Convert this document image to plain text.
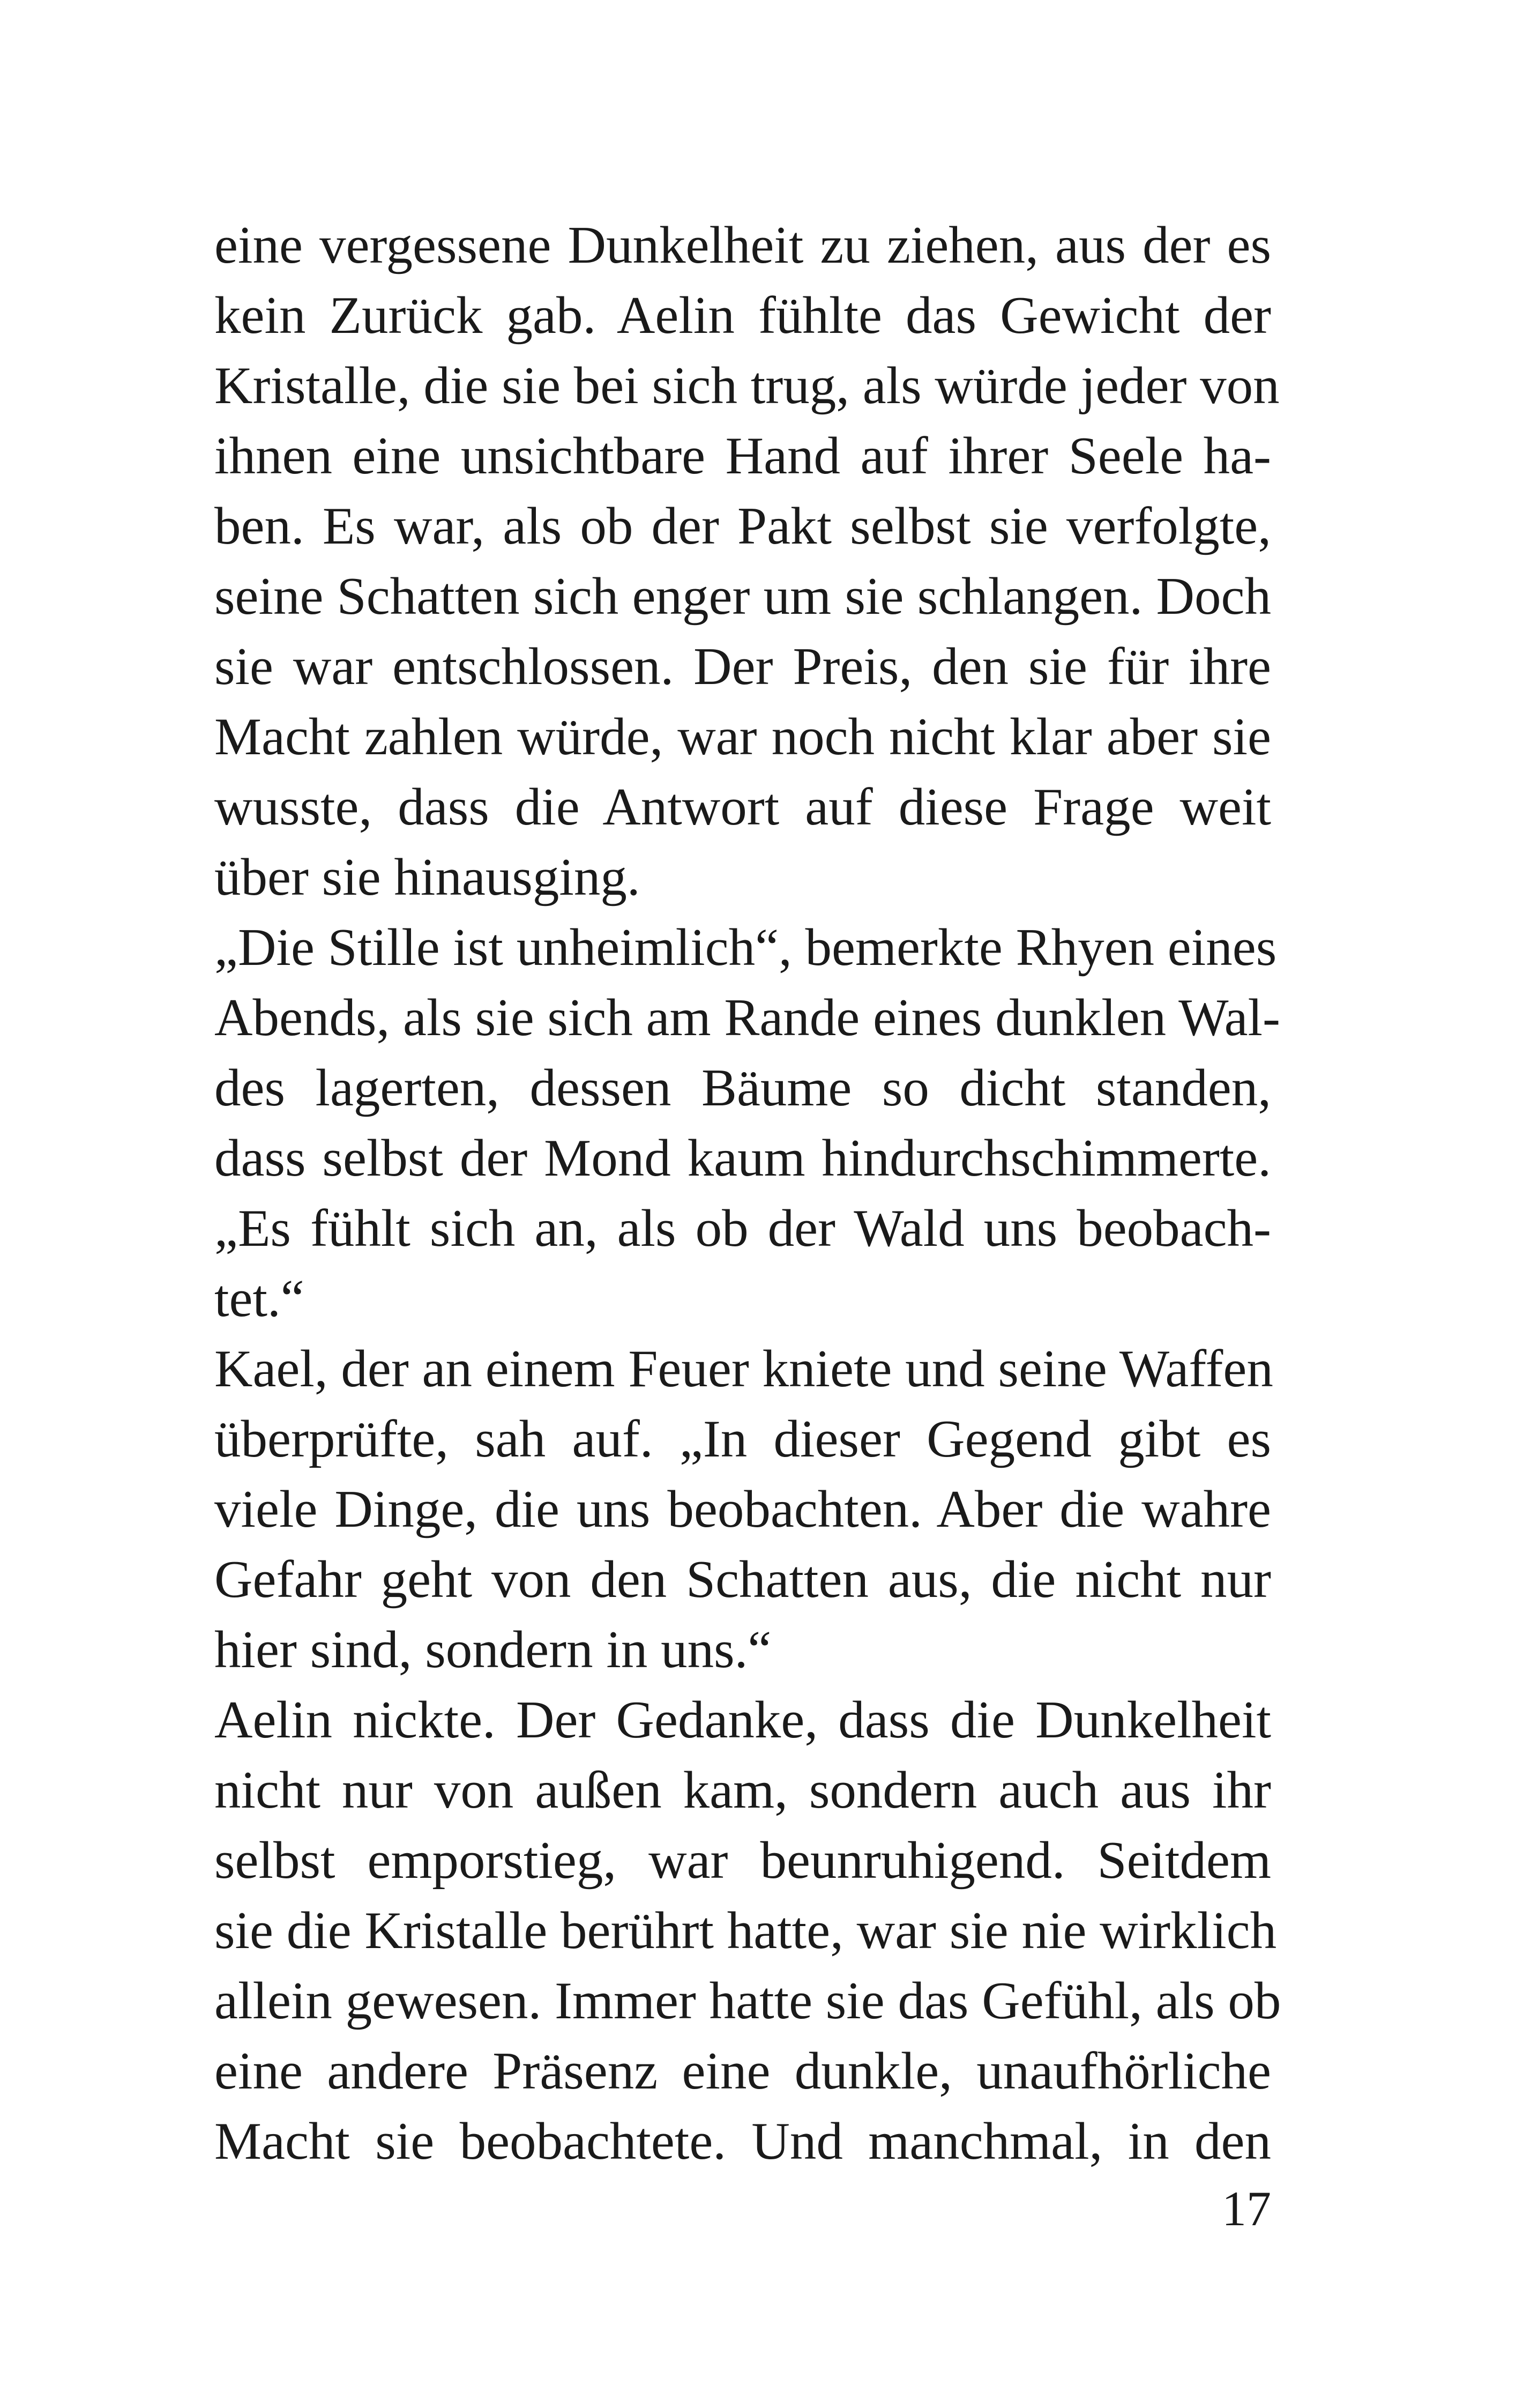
eine vergessene Dunkelheit zu ziehen, aus der es
kein Zurück gab. Aelin fühlte das Gewicht der
Kristalle, die sie bei sich trug, als würde jeder von
ihnen eine unsichtbare Hand auf ihrer Seele ha-
ben. Es war, als ob der Pakt selbst sie verfolgte,
seine Schatten sich enger um sie schlangen. Doch
sie war entschlossen. Der Preis, den sie für ihre
Macht zahlen würde, war noch nicht klar aber sie
wusste, dass die Antwort auf diese Frage weit
über sie hinausging.
„Die Stille ist unheimlich“, bemerkte Rhyen eines
Abends, als sie sich am Rande eines dunklen Wal-
des lagerten, dessen Bäume so dicht standen,
dass selbst der Mond kaum hindurchschimmerte.
„Es fühlt sich an, als ob der Wald uns beobach-
tet.“
Kael, der an einem Feuer kniete und seine Waffen
überprüfte, sah auf. „In dieser Gegend gibt es
viele Dinge, die uns beobachten. Aber die wahre
Gefahr geht von den Schatten aus, die nicht nur
hier sind, sondern in uns.“
Aelin nickte. Der Gedanke, dass die Dunkelheit
nicht nur von außen kam, sondern auch aus ihr
selbst emporstieg, war beunruhigend. Seitdem
sie die Kristalle berührt hatte, war sie nie wirklich
allein gewesen. Immer hatte sie das Gefühl, als ob
eine andere Präsenz eine dunkle, unaufhörliche
Macht sie beobachtete. Und manchmal, in den
17
